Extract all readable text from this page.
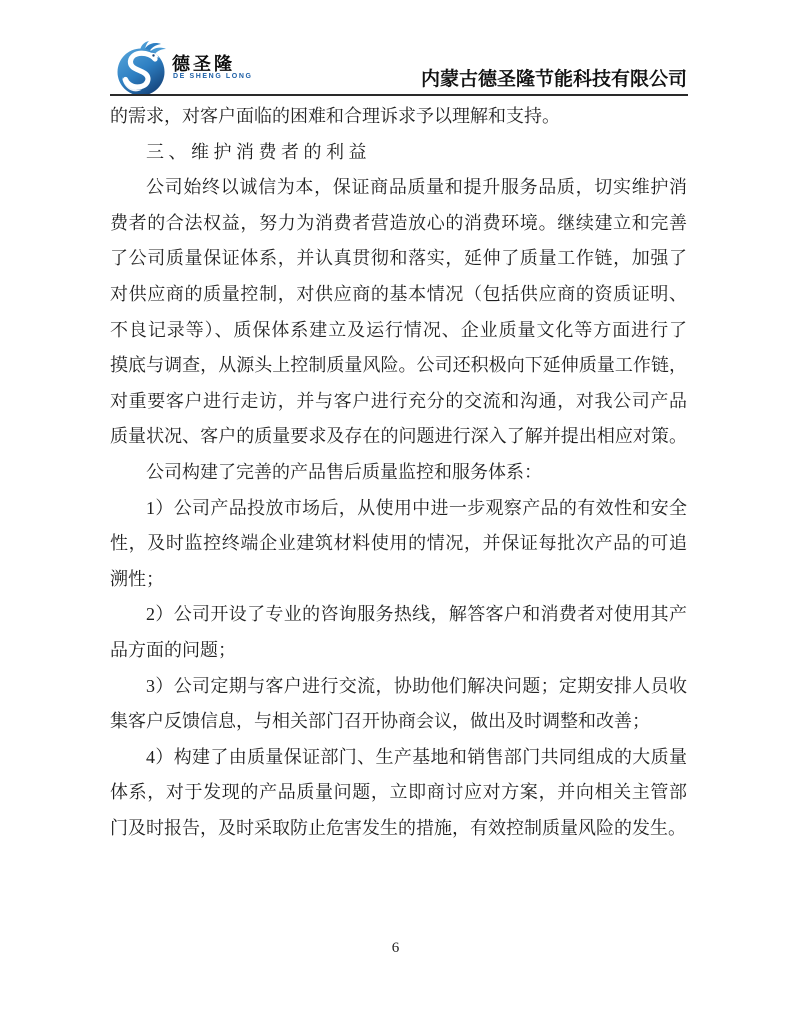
德圣隆
DE SHENG LONG	内蒙古德圣隆节能科技有限公司
的需求，对客户面临的困难和合理诉求予以理解和支持。
三、维护消费者的利益
公司始终以诚信为本，保证商品质量和提升服务品质，切实维护消
费者的合法权益，努力为消费者营造放心的消费环境。继续建立和完善
了公司质量保证体系，并认真贯彻和落实，延伸了质量工作链，加强了
对供应商的质量控制，对供应商的基本情况（包括供应商的资质证明、
不良记录等）、质保体系建立及运行情况、企业质量文化等方面进行了
摸底与调查，从源头上控制质量风险。公司还积极向下延伸质量工作链，
对重要客户进行走访，并与客户进行充分的交流和沟通，对我公司产品
质量状况、客户的质量要求及存在的问题进行深入了解并提出相应对策。
公司构建了完善的产品售后质量监控和服务体系：
1）公司产品投放市场后，从使用中进一步观察产品的有效性和安全
性，及时监控终端企业建筑材料使用的情况，并保证每批次产品的可追
溯性；
2）公司开设了专业的咨询服务热线，解答客户和消费者对使用其产
品方面的问题；
3）公司定期与客户进行交流，协助他们解决问题；定期安排人员收
集客户反馈信息，与相关部门召开协商会议，做出及时调整和改善；
4）构建了由质量保证部门、生产基地和销售部门共同组成的大质量
体系，对于发现的产品质量问题，立即商讨应对方案，并向相关主管部
门及时报告，及时采取防止危害发生的措施，有效控制质量风险的发生。
6
